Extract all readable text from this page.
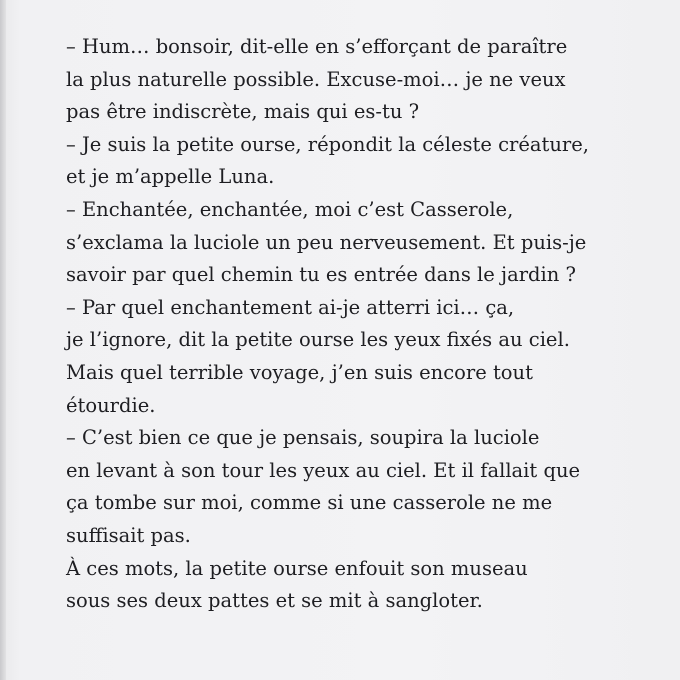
– Hum… bonsoir, dit-elle en s’efforçant de paraître
la plus naturelle possible. Excuse-moi… je ne veux
pas être indiscrète, mais qui es-tu ?
– Je suis la petite ourse, répondit la céleste créature,
et je m’appelle Luna.
– Enchantée, enchantée, moi c’est Casserole,
s’exclama la luciole un peu nerveusement. Et puis-je
savoir par quel chemin tu es entrée dans le jardin ?
– Par quel enchantement ai-je atterri ici… ça,
je l’ignore, dit la petite ourse les yeux fixés au ciel.
Mais quel terrible voyage, j’en suis encore tout
étourdie.
– C’est bien ce que je pensais, soupira la luciole
en levant à son tour les yeux au ciel. Et il fallait que
ça tombe sur moi, comme si une casserole ne me
suffisait pas.
À ces mots, la petite ourse enfouit son museau
sous ses deux pattes et se mit à sangloter.
